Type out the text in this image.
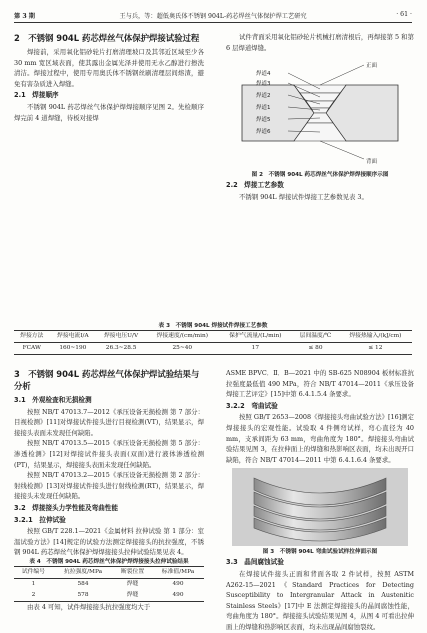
第 3 期	王与兵，等：超低奥氏体不锈钢 904L-药芯焊丝气体保护焊工艺研究	· 61 ·
2　不锈钢 904L 药芯焊丝气体保护焊接试验过程

焊接前，采用氧化铝砂轮片打磨清理坡口及其邻近区域至少各 30 mm 宽区域表面，使其露出金属光泽并使用无水乙醇进行擦洗清洁。焊接过程中，使用专用奥氏体不锈钢丝刷清理层间熔渣，避免有害杂质进入焊缝。

2.1　焊接顺序

不锈钢 904L 药芯焊丝气体保护焊焊接顺序见图 2。先检顺序焊完前 4 道焊缝，待板对接焊

试件背面采用氧化铝砂轮片机械打磨清根后，再焊接第 5 和第 6 层焊道焊缝。

正面
焊道4
焊道3
焊道2
焊道1
焊道5
焊道6
背面
图 2　不锈钢 904L 药芯焊丝气体保护焊焊接顺序示图
2.2　焊接工艺参数

不锈钢 904L 焊接试件焊接工艺参数见表 3。

表 3　不锈钢 904L 焊接试件焊接工艺参数
焊接方法	焊接电流I/A	焊接电压U/V	焊接速度/(cm/min)	保护气流量/(L/min)	层间温度/℃	焊接热输入/(kJ/cm)
FCAW	160~190	26.3~28.5	25~40	17	≤ 80	≤ 12
3　不锈钢 904L 药芯焊丝气体保护焊试验结果与分析
3.1　外观检查和无损检测

按照 NB/T 47013.7—2012《承压设备无损检测 第 7 部分：目视检测》[11]对焊接试件接头进行目视检测(VT)，结果显示，焊接接头表面未发现任何缺陷。

按照 NB/T 47013.5—2015《承压设备无损检测 第 5 部分：渗透检测》[12]对焊接试件接头表面(双面)进行液体渗透检测(PT)，结果显示，焊接接头表面未发现任何缺陷。

按照 NB/T 47013.2—2015《承压设备无损检测 第 2 部分：射线检测》[13]对焊接试件接头进行射线检测(RT)，结果显示，焊接接头未发现任何缺陷。

3.2　焊接接头力学性能及弯曲性能
3.2.1　拉伸试验

按照 GB/T 228.1—2021《金属材料 拉伸试验 第 1 部分：室温试验方法》[14]规定的试验方法测定焊接接头的抗拉强度，不锈钢 904L 药芯焊丝气体保护焊焊接接头拉伸试验结果见表 4。

表 4　不锈钢 904L 药芯焊丝气体保护焊焊接接头拉伸试验结果
试件编号	抗拉强度/MPa	断裂位置	标准值/MPa
1	584	焊缝	490
2	578	焊缝	490

由表 4 可知，试件焊接接头抗拉强度均大于

ASME BPVC．Ⅱ．B—2021 中的 SB-625 N08904 板材标准抗拉强度最低值 490 MPa，符合 NB/T 47014—2011《承压设备焊接工艺评定》[15]中第 6.4.1.5.4 条要求。

3.2.2　弯曲试验

按照 GB/T 2653—2008《焊接接头弯曲试验方法》[16]测定焊接接头的宏观性能。试验取 4 件侧弯试样，弯心直径为 40 mm，支承间距为 63 mm，弯曲角度为 180°。焊接接头弯曲试验结果见图 3，在拉伸面上的焊缝和热影响区表面，均未出现开口缺陷，符合 NB/T 47014—2011 中第 6.4.1.6.4 条要求。

图 3　不锈钢 904L 弯曲试验试样拉伸面示图
3.3　晶间腐蚀试验

在焊接试件接头正面和背面各取 2 件试样，按照 ASTM A262-15—2021《Standard Practices for Detecting Susceptibility to Intergranular Attack in Austenitic Stainless Steels》[17]中 E 法测定焊接接头的晶间腐蚀性能，弯曲角度为 180°。焊接接头试验结果见图 4，从图 4 可看出拉伸面上的焊缝和热影响区表面，均未出现晶间腐蚀裂纹。
